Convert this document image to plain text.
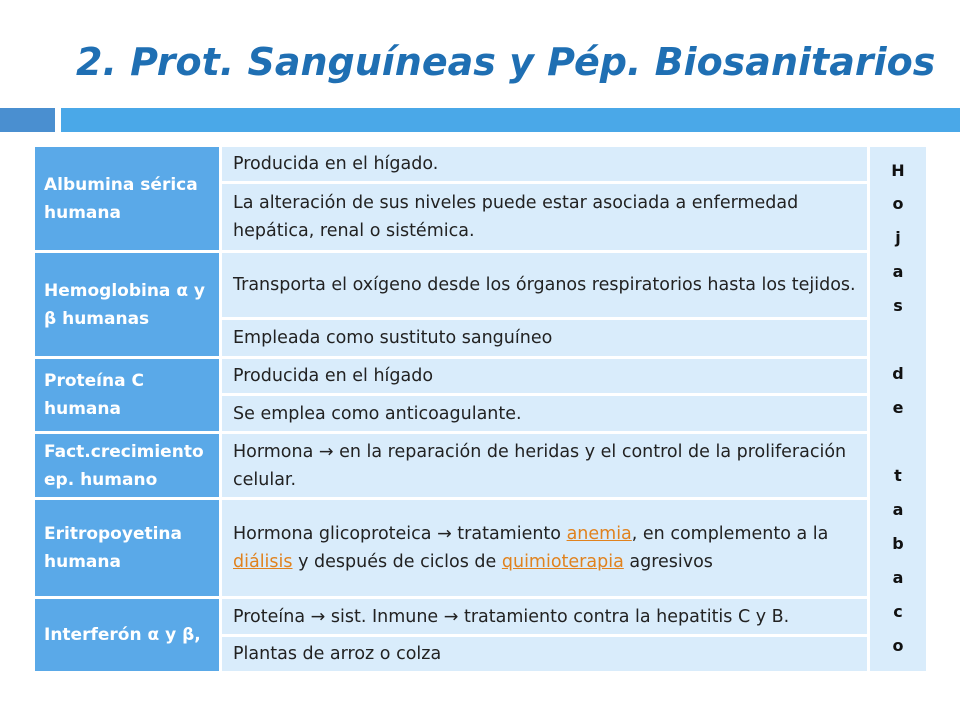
2. Prot. Sanguíneas y Pép. Biosanitarios
Albumina sérica humana
Producida en el hígado.
La alteración de sus niveles puede estar asociada a enfermedad hepática, renal o sistémica.
Hemoglobina α y β humanas
Transporta el oxígeno desde los órganos respiratorios hasta los tejidos.
Empleada como sustituto sanguíneo
Proteína C humana
Producida en el hígado
Se emplea como anticoagulante.
Fact.crecimiento ep. humano
Hormona → en la reparación de heridas y el control de la proliferación celular.
Eritropoyetina humana
Hormona glicoproteica → tratamiento anemia, en complemento a la diálisis y después de ciclos de quimioterapia agresivos
Interferón α y β,
Proteína → sist. Inmune → tratamiento contra la hepatitis C y B.
Plantas de arroz o colza
H
o
j
a
s
d
e
t
a
b
a
c
o
